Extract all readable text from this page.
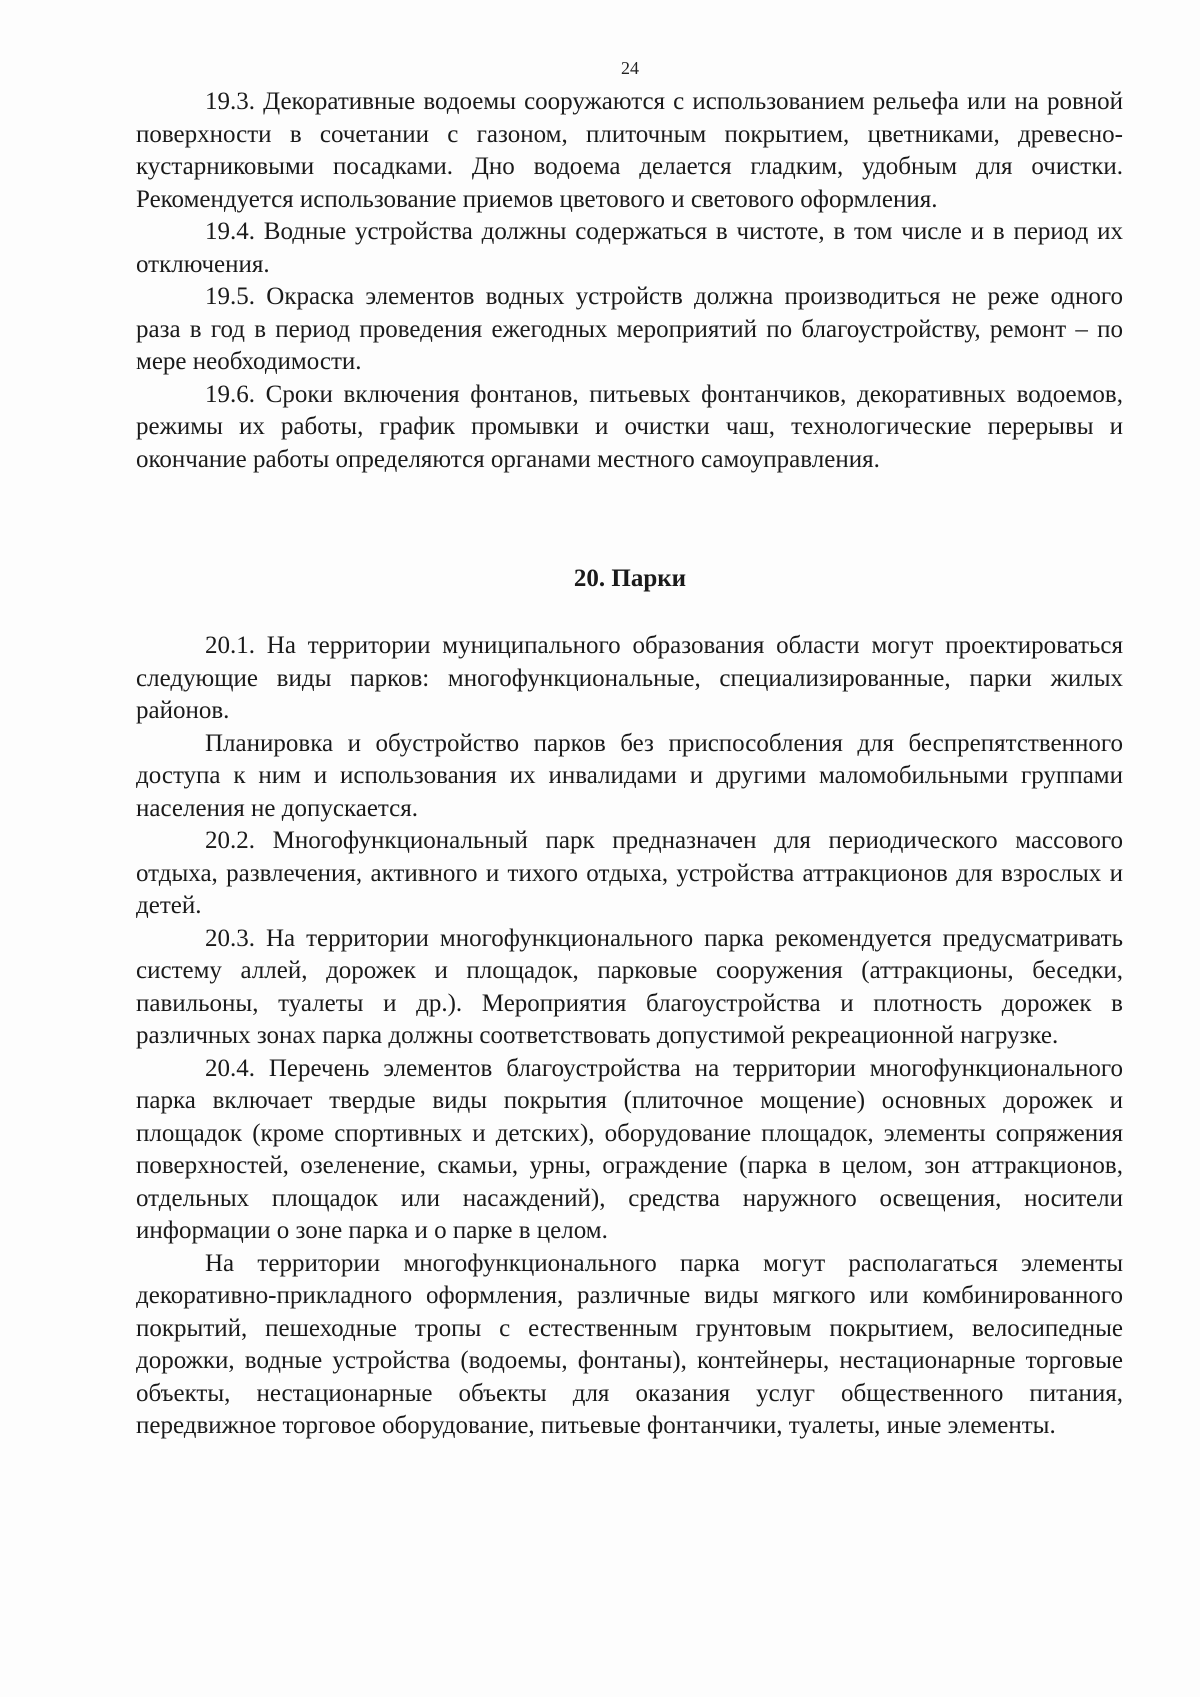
24

19.3. Декоративные водоемы сооружаются с использованием рельефа или на ровной поверхности в сочетании с газоном, плиточным покрытием, цветниками, древесно-кустарниковыми посадками. Дно водоема делается гладким, удобным для очистки. Рекомендуется использование приемов цветового и светового оформления.

19.4. Водные устройства должны содержаться в чистоте, в том числе и в период их отключения.

19.5. Окраска элементов водных устройств должна производиться не реже одного раза в год в период проведения ежегодных мероприятий по благоустройству, ремонт – по мере необходимости.

19.6. Сроки включения фонтанов, питьевых фонтанчиков, декоративных водоемов, режимы их работы, график промывки и очистки чаш, технологические перерывы и окончание работы определяются органами местного самоуправления.

20. Парки

20.1. На территории муниципального образования области могут проектироваться следующие виды парков: многофункциональные, специализированные, парки жилых районов.

Планировка и обустройство парков без приспособления для беспрепятственного доступа к ним и использования их инвалидами и другими маломобильными группами населения не допускается.

20.2. Многофункциональный парк предназначен для периодического массового отдыха, развлечения, активного и тихого отдыха, устройства аттракционов для взрослых и детей.

20.3. На территории многофункционального парка рекомендуется предусматривать систему аллей, дорожек и площадок, парковые сооружения (аттракционы, беседки, павильоны, туалеты и др.). Мероприятия благоустройства и плотность дорожек в различных зонах парка должны соответствовать допустимой рекреационной нагрузке.

20.4. Перечень элементов благоустройства на территории многофункционального парка включает твердые виды покрытия (плиточное мощение) основных дорожек и площадок (кроме спортивных и детских), оборудование площадок, элементы сопряжения поверхностей, озеленение, скамьи, урны, ограждение (парка в целом, зон аттракционов, отдельных площадок или насаждений), средства наружного освещения, носители информации о зоне парка и о парке в целом.

На территории многофункционального парка могут располагаться элементы декоративно-прикладного оформления, различные виды мягкого или комбинированного покрытий, пешеходные тропы с естественным грунтовым покрытием, велосипедные дорожки, водные устройства (водоемы, фонтаны), контейнеры, нестационарные торговые объекты, нестационарные объекты для оказания услуг общественного питания, передвижное торговое оборудование, питьевые фонтанчики, туалеты, иные элементы.
